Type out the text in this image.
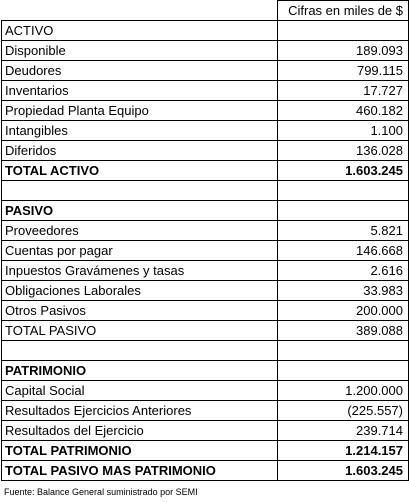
	Cifras en miles de $
ACTIVO	
Disponible	189.093
Deudores	799.115
Inventarios	17.727
Propiedad Planta Equipo	460.182
Intangibles	1.100
Diferidos	136.028
TOTAL ACTIVO	1.603.245

PASIVO	
Proveedores	5.821
Cuentas por pagar	146.668
Inpuestos Gravámenes y tasas	2.616
Obligaciones Laborales	33.983
Otros Pasivos	200.000
TOTAL PASIVO	389.088

PATRIMONIO	
Capital Social	1.200.000
Resultados Ejercicios Anteriores	(225.557)
Resultados del Ejercicio	239.714
TOTAL PATRIMONIO	1.214.157
TOTAL PASIVO MAS PATRIMONIO	1.603.245
Fuente: Balance General suministrado por SEMI
